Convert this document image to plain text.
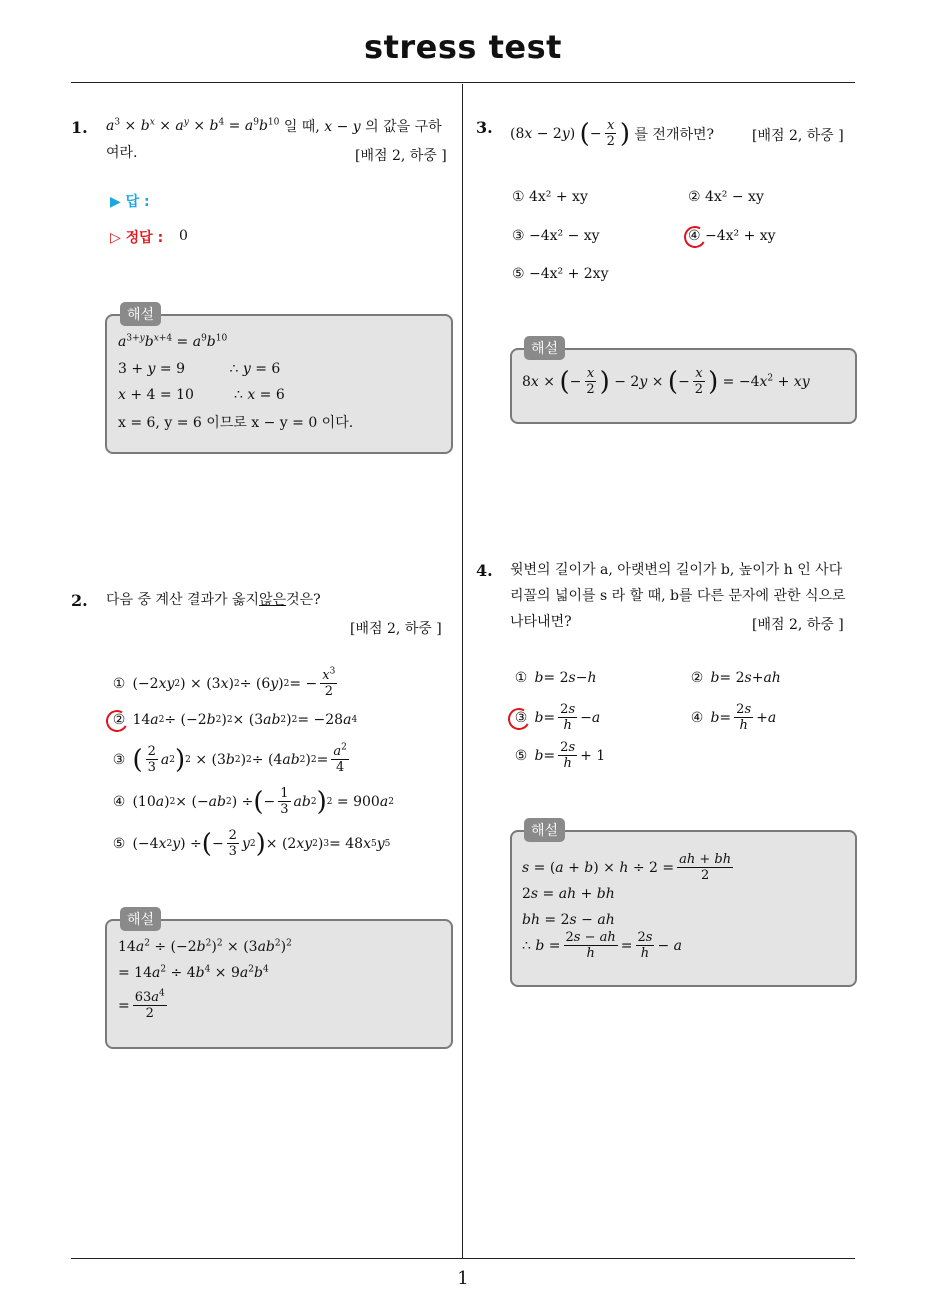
stress test
1
1. $a^3 \times b^x \times a^y \times b^4 = a^9b^{10}$ 일 때, x − y 의 값을 구하
여라.	[배점 2, 하중 ]
▶ 답 :
▷ 정답 : 0
해설
$a^{3+y}b^{x+4} = a^9b^{10}$
3 + y = 9          ∴ y = 6
x + 4 = 10         ∴ x = 6
x = 6, y = 6 이므로 x − y = 0 이다.
2. 다음 중 계산 결과가 옳지 않은 것은?
[배점 2, 하중 ]
① (−2 xy 2 ) × (3 x ) 2 ÷ (6 y ) 2 = − $\frac{x^3}{2}$
② 14 a 2 ÷ (−2 b 2 ) 2 × (3 ab 2 ) 2 = −28 a 4
③
( $\frac{2}{3}$ a 2 ) 2 × (3 b 2 ) 2 ÷ (4 ab 2 ) $2 = \frac{a^2}{4}$
④ (10 a ) 2 × (− ab 2 ) ÷ ( − $\frac{1}{3}$ ab 2 ) 2 = 900 a 2
⑤ (−4 x 2 y ) ÷ ( − $\frac{2}{3}$ y 2 ) × (2 xy 2 ) 3 = 48 x 5 y 5
해설
$14a^2 \div (-2b^2)^2 \times (3ab^2)^2$
= $14a^2 \div 4b^4 \times 9a^2b^4$
= $\frac{63a^4}{2}$
3. (8x − 2y) ( − $\frac{x}{2}$ )
를 전개하면?	[배점 2, 하중 ]
① 4x² + xy	② 4x² − xy
③ −4x² − xy	④ −4x² + xy
⑤ −4x² + 2xy
해설
8x × ( − $\frac{x}{2}$ ) − 2y × ( − $\frac{x}{2}$ ) = $-4x^2$ + xy
4. 윗변의 길이가 a, 아랫변의 길이가 b, 높이가 h 인 사다
리꼴의 넓이를 s 라 할 때, b를 다른 문자에 관한 식으로
나타내면?	[배점 2, 하중 ]
①
b = 2 s − h	②
b = 2 s + ah
③
$b = \frac{2s}{h} - a$	④
$b = \frac{2s}{h} + a$
⑤
$b = \frac{2s}{h} + 1$
해설
$s = (a + b) \times h \div 2 = \frac{ah + bh}{2}$
2s = ah + bh
bh = 2s − ah
∴ $b = \frac{2s - ah}{h} = \frac{2s}{h} - a$
